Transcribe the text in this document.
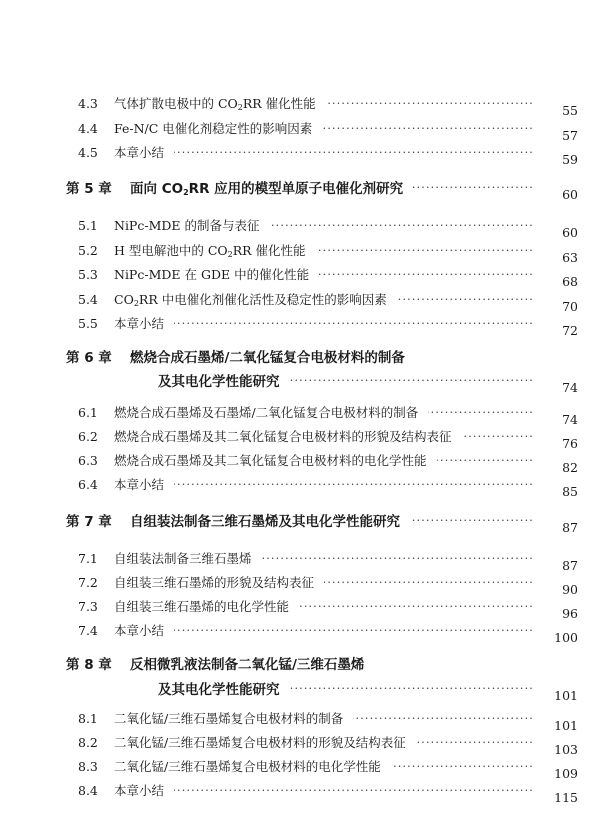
4.3 气体扩散电极中的 $CO_2RR$ 催化性能 ·····	55
4.4 Fe-N/C 电催化剂稳定性的影响因素 ·····	57
4.5 本章小结 ·····	59
第 5 章 面向 $CO_2RR$ 应用的模型单原子电催化剂研究 ·····	60
5.1 NiPc-MDE 的制备与表征 ·····	60
5.2 H 型电解池中的 $CO_2RR$ 催化性能 ·····	63
5.3 NiPc-MDE 在 GDE 中的催化性能 ·····	68
5.4 $CO_2RR$ 中电催化剂催化活性及稳定性的影响因素 ·····	70
5.5 本章小结 ·····	72
第 6 章 燃烧合成石墨烯/二氧化锰复合电极材料的制备
及其电化学性能研究 ·····	74
6.1 燃烧合成石墨烯及石墨烯/二氧化锰复合电极材料的制备 ·····	74
6.2 燃烧合成石墨烯及其二氧化锰复合电极材料的形貌及结构表征 ·····	76
6.3 燃烧合成石墨烯及其二氧化锰复合电极材料的电化学性能 ·····	82
6.4 本章小结 ·····	85
第 7 章 自组装法制备三维石墨烯及其电化学性能研究 ·····	87
7.1 自组装法制备三维石墨烯 ·····	87
7.2 自组装三维石墨烯的形貌及结构表征 ·····	90
7.3 自组装三维石墨烯的电化学性能 ·····	96
7.4 本章小结 ·····	100
第 8 章 反相微乳液法制备二氧化锰/三维石墨烯
及其电化学性能研究 ·····	101
8.1 二氧化锰/三维石墨烯复合电极材料的制备 ·····	101
8.2 二氧化锰/三维石墨烯复合电极材料的形貌及结构表征 ·····	103
8.3 二氧化锰/三维石墨烯复合电极材料的电化学性能 ·····	109
8.4 本章小结 ·····	115
